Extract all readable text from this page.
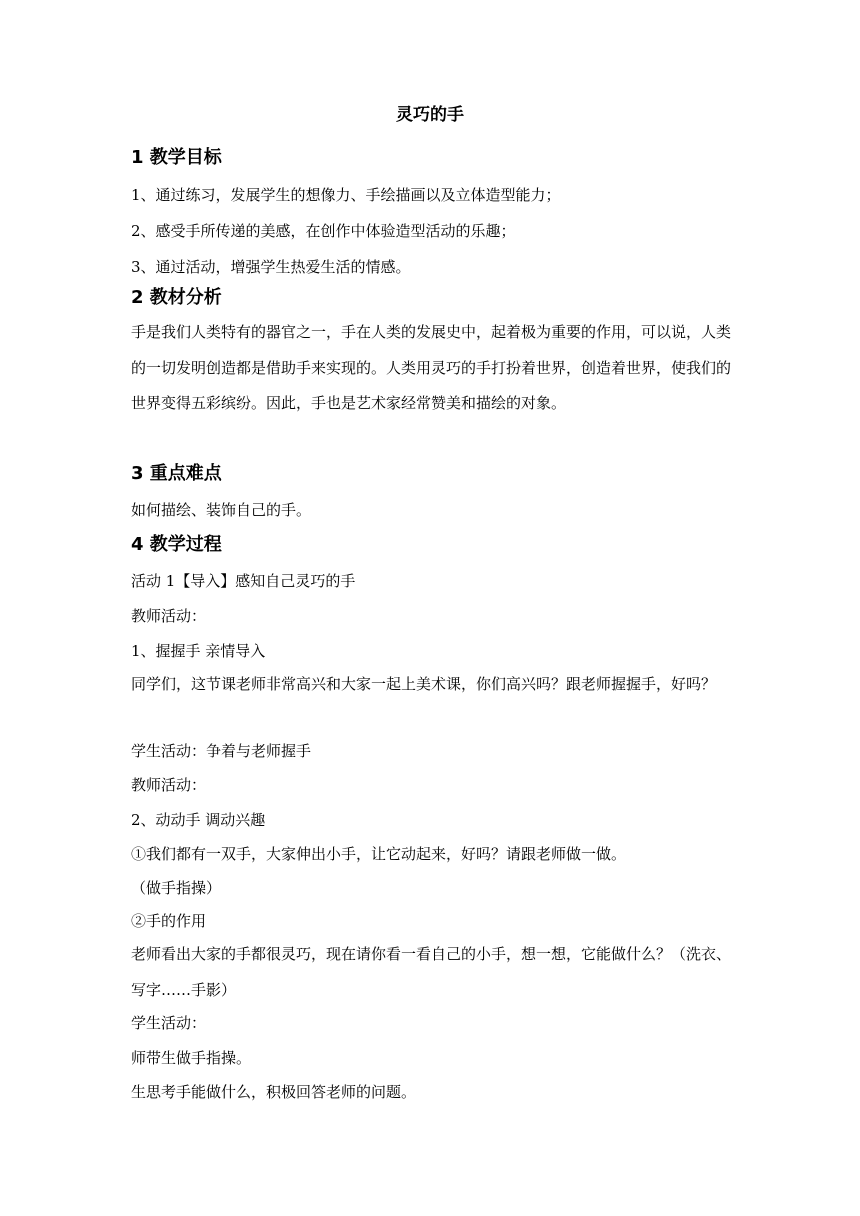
灵巧的手
1 教学目标
1、通过练习，发展学生的想像力、手绘描画以及立体造型能力；
2、感受手所传递的美感，在创作中体验造型活动的乐趣；
3、通过活动，增强学生热爱生活的情感。
2 教材分析
手是我们人类特有的器官之一，手在人类的发展史中，起着极为重要的作用，可以说，人类的一切发明创造都是借助手来实现的。人类用灵巧的手打扮着世界，创造着世界，使我们的世界变得五彩缤纷。因此，手也是艺术家经常赞美和描绘的对象。
3 重点难点
如何描绘、装饰自己的手。
4 教学过程
活动 1【导入】感知自己灵巧的手
教师活动：
1、握握手 亲情导入
同学们，这节课老师非常高兴和大家一起上美术课，你们高兴吗？跟老师握握手，好吗？
学生活动：争着与老师握手
教师活动：
2、动动手 调动兴趣
①我们都有一双手，大家伸出小手，让它动起来，好吗？请跟老师做一做。
（做手指操）
②手的作用
老师看出大家的手都很灵巧，现在请你看一看自己的小手，想一想，它能做什么？（洗衣、写字……手影）
学生活动：
师带生做手指操。
生思考手能做什么，积极回答老师的问题。
